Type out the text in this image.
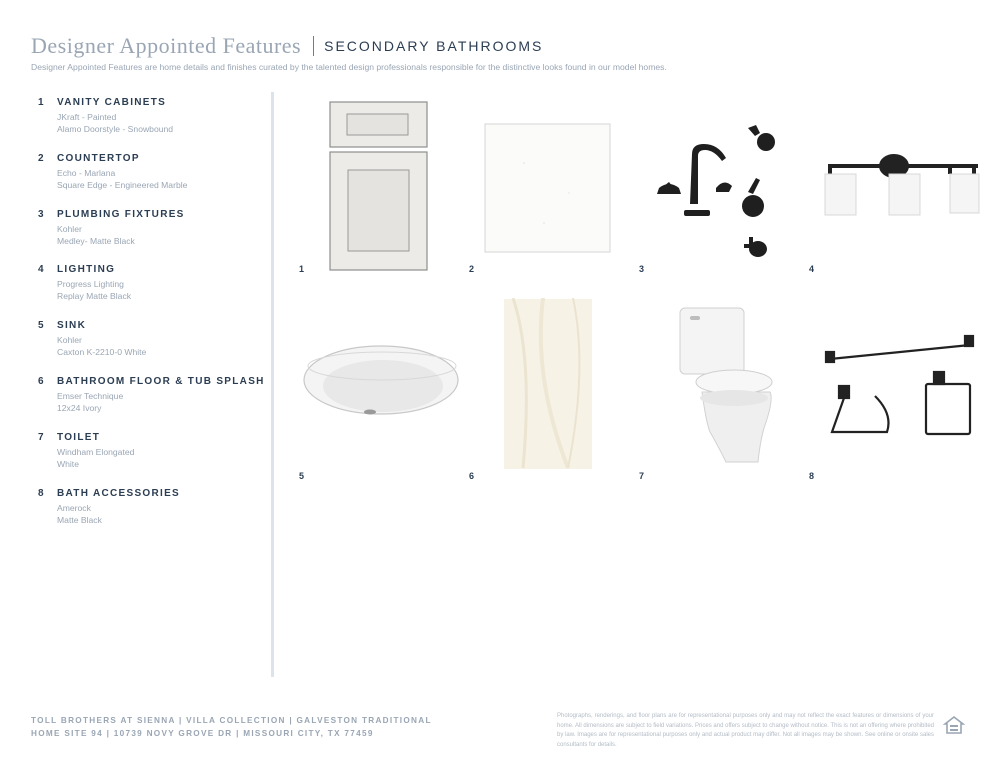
Designer Appointed Features SECONDARY BATHROOMS
Designer Appointed Features are home details and finishes curated by the talented design professionals responsible for the distinctive looks found in our model homes.
1 VANITY CABINETS
JKraft - Painted
Alamo Doorstyle - Snowbound
2 COUNTERTOP
Echo - Marlana
Square Edge - Engineered Marble
3 PLUMBING FIXTURES
Kohler
Medley- Matte Black
4 LIGHTING
Progress Lighting
Replay Matte Black
5 SINK
Kohler
Caxton K-2210-0 White
6 BATHROOM FLOOR & TUB SPLASH
Emser Technique
12x24 Ivory
7 TOILET
Windham Elongated
White
8 BATH ACCESSORIES
Amerock
Matte Black
1	2	3	4
5	6	7	8
TOLL BROTHERS AT SIENNA | VILLA COLLECTION | GALVESTON TRADITIONAL
HOME SITE 94 | 10739 NOVY GROVE DR | MISSOURI CITY, TX 77459
Photographs, renderings, and floor plans are for representational purposes only and may not reflect the exact features or dimensions of your home. All dimensions are subject to field variations. Prices and offers subject to change without notice. This is not an offering where prohibited by law. Images are for representational purposes only and actual product may differ. Not all images may be shown. See online or onsite sales consultants for details.
